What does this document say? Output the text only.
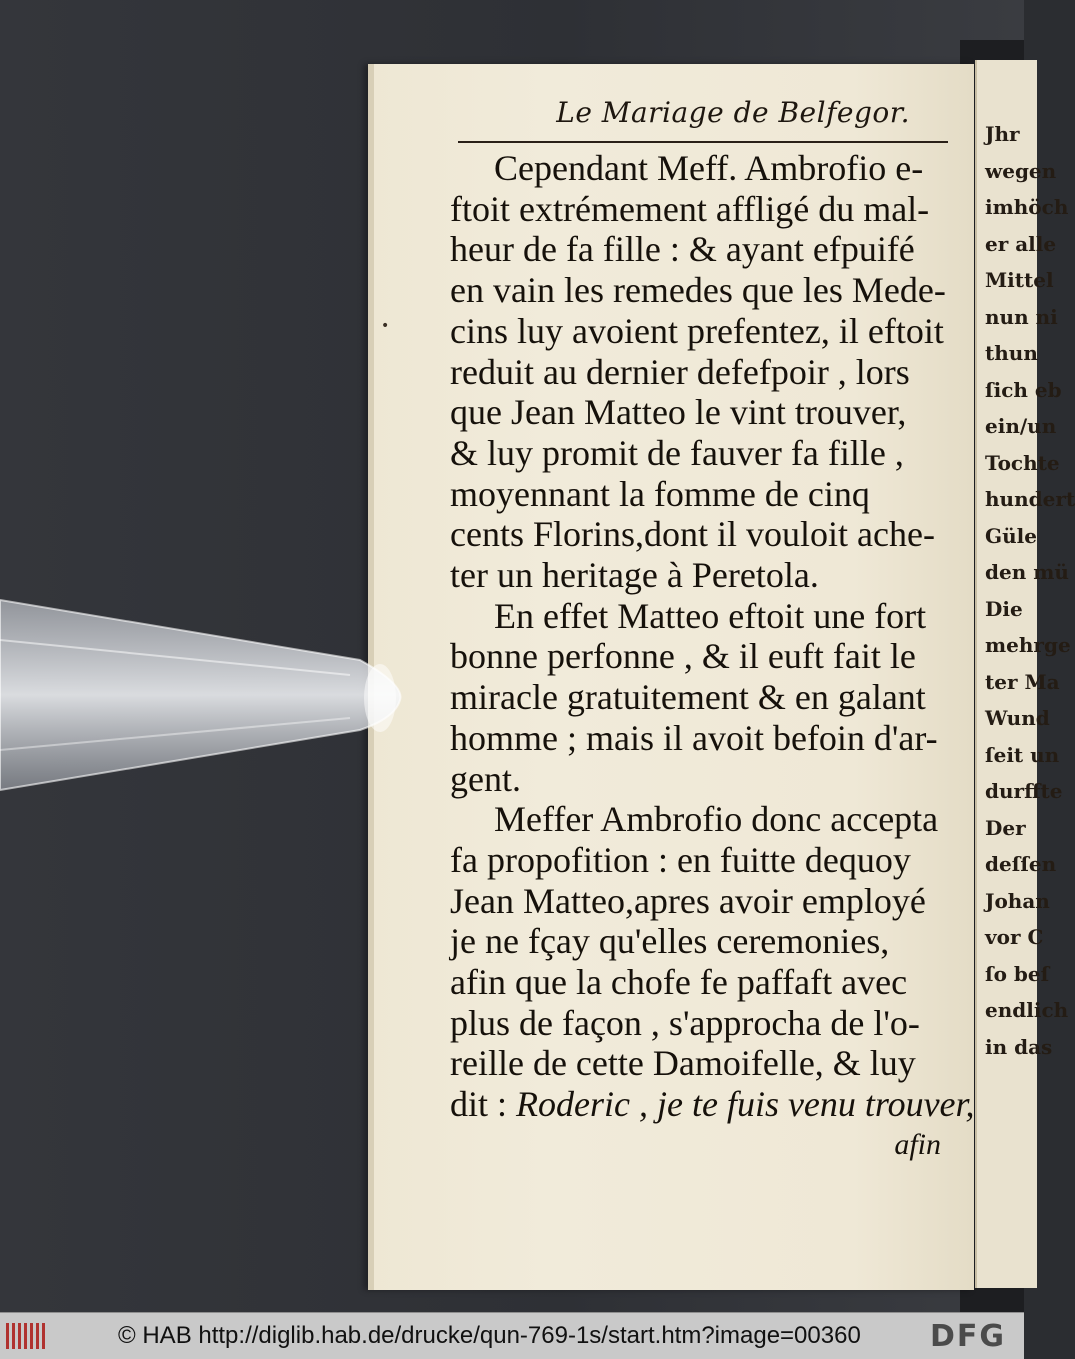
Jhr
wegen
imhöch
er alle
Mittel
nun ni
thun
ſich eb
ein/un
Tochte
hundert
Güle
den mü
Die
mehrge
ter Ma
Wund
ſeit un
durffte
Der
deſſen
Johan
vor C
ſo beſ
endlich
in das
•
Le Mariage de Belfegor.
Cependant Meff. Ambrofio e-
ftoit extrémement affligé du mal-
heur de fa fille : & ayant efpuifé
en vain les remedes que les Mede-
cins luy avoient prefentez, il eftoit
reduit au dernier defefpoir , lors
que Jean Matteo le vint trouver,
& luy promit de fauver fa fille ,
moyennant la fomme de cinq
cents Florins,dont il vouloit ache-
ter un heritage à Peretola.
En effet Matteo eftoit une fort
bonne perfonne , & il euft fait le
miracle gratuitement & en galant
homme ; mais il avoit befoin d'ar-
gent.
Meffer Ambrofio donc accepta
fa propofition : en fuitte dequoy
Jean Matteo,apres avoir employé
je ne fçay qu'elles ceremonies,
afin que la chofe fe paffaft avec
plus de façon , s'approcha de l'o-
reille de cette Damoifelle, & luy
dit : Roderic , je te fuis venu trouver,
afin
© HAB http://diglib.hab.de/drucke/qun-769-1s/start.htm?image=00360 DFG
